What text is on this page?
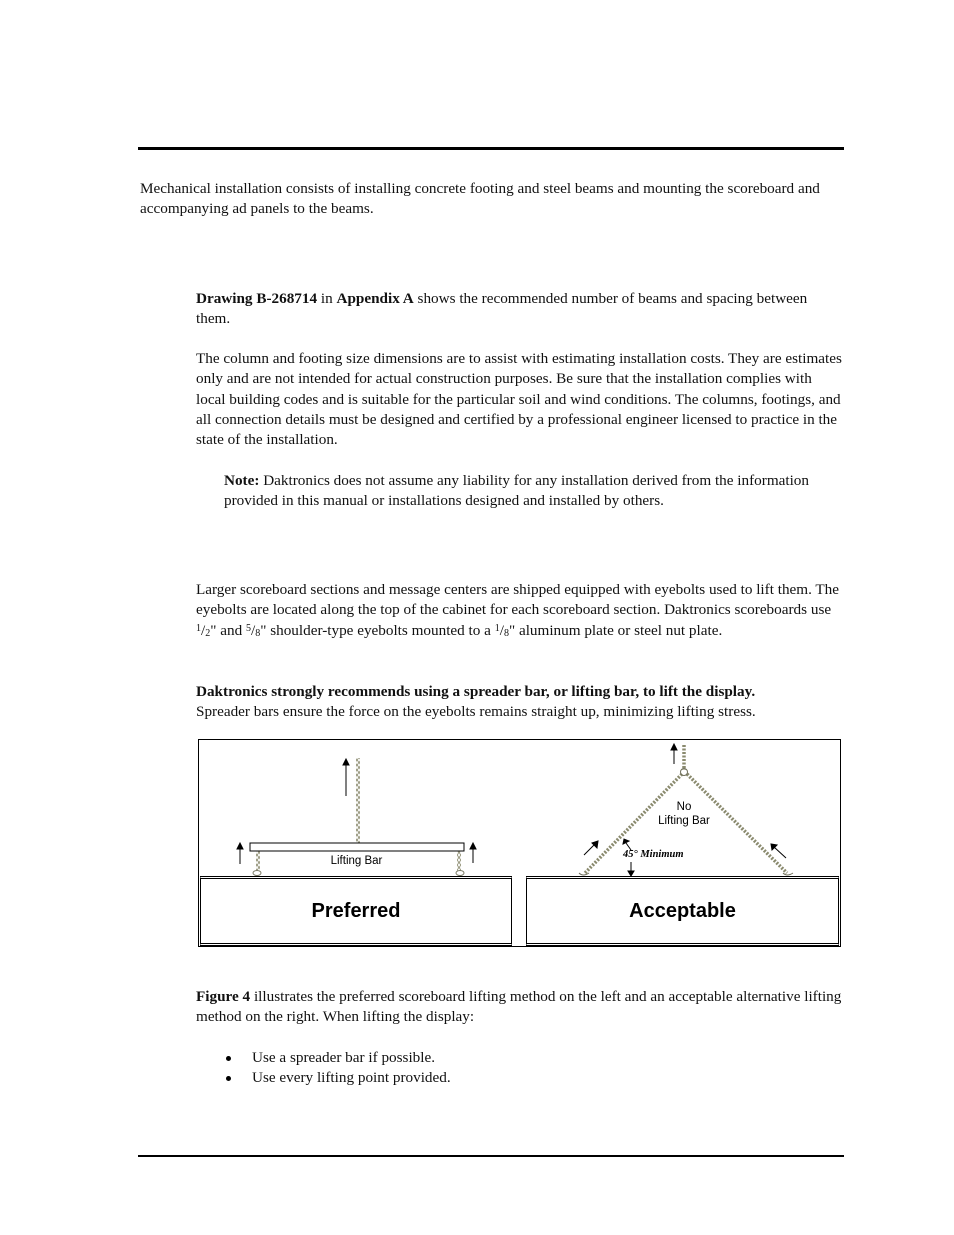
Mechanical installation consists of installing concrete footing and steel beams and mounting the scoreboard and accompanying ad panels to the beams.

Drawing B-268714 in Appendix A shows the recommended number of beams and spacing between them.

The column and footing size dimensions are to assist with estimating installation costs. They are estimates only and are not intended for actual construction purposes. Be sure that the installation complies with local building codes and is suitable for the particular soil and wind conditions. The columns, footings, and all connection details must be designed and certified by a professional engineer licensed to practice in the state of the installation.

Note: Daktronics does not assume any liability for any installation derived from the information provided in this manual or installations designed and installed by others.

Larger scoreboard sections and message centers are shipped equipped with eyebolts used to lift them. The eyebolts are located along the top of the cabinet for each scoreboard section. Daktronics scoreboards use $^1/_2$" and $^5/_8$" shoulder-type eyebolts mounted to a $^1/_8$" aluminum plate or steel nut plate.

Daktronics strongly recommends using a spreader bar, or lifting bar, to lift the display.
Spreader bars ensure the force on the eyebolts remains straight up, minimizing lifting stress.

Lifting Bar
No
Lifting Bar
45° Minimum
Preferred	Acceptable

Figure 4 illustrates the preferred scoreboard lifting method on the left and an acceptable alternative lifting method on the right. When lifting the display:

Use a spreader bar if possible.
Use every lifting point provided.
